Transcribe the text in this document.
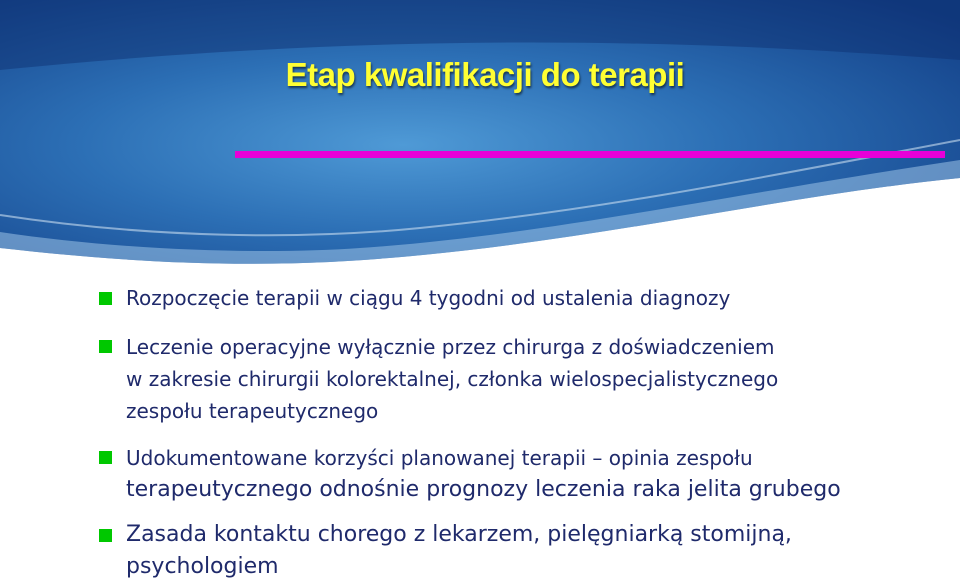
Etap kwalifikacji do terapii
Rozpoczęcie terapii w ciągu 4 tygodni od ustalenia diagnozy
Leczenie operacyjne wyłącznie przez chirurga z doświadczeniem
w zakresie chirurgii kolorektalnej, członka wielospecjalistycznego
zespołu terapeutycznego
Udokumentowane korzyści planowanej terapii – opinia zespołu
terapeutycznego odnośnie prognozy leczenia raka jelita grubego
Zasada kontaktu chorego z lekarzem, pielęgniarką stomijną,
psychologiem
